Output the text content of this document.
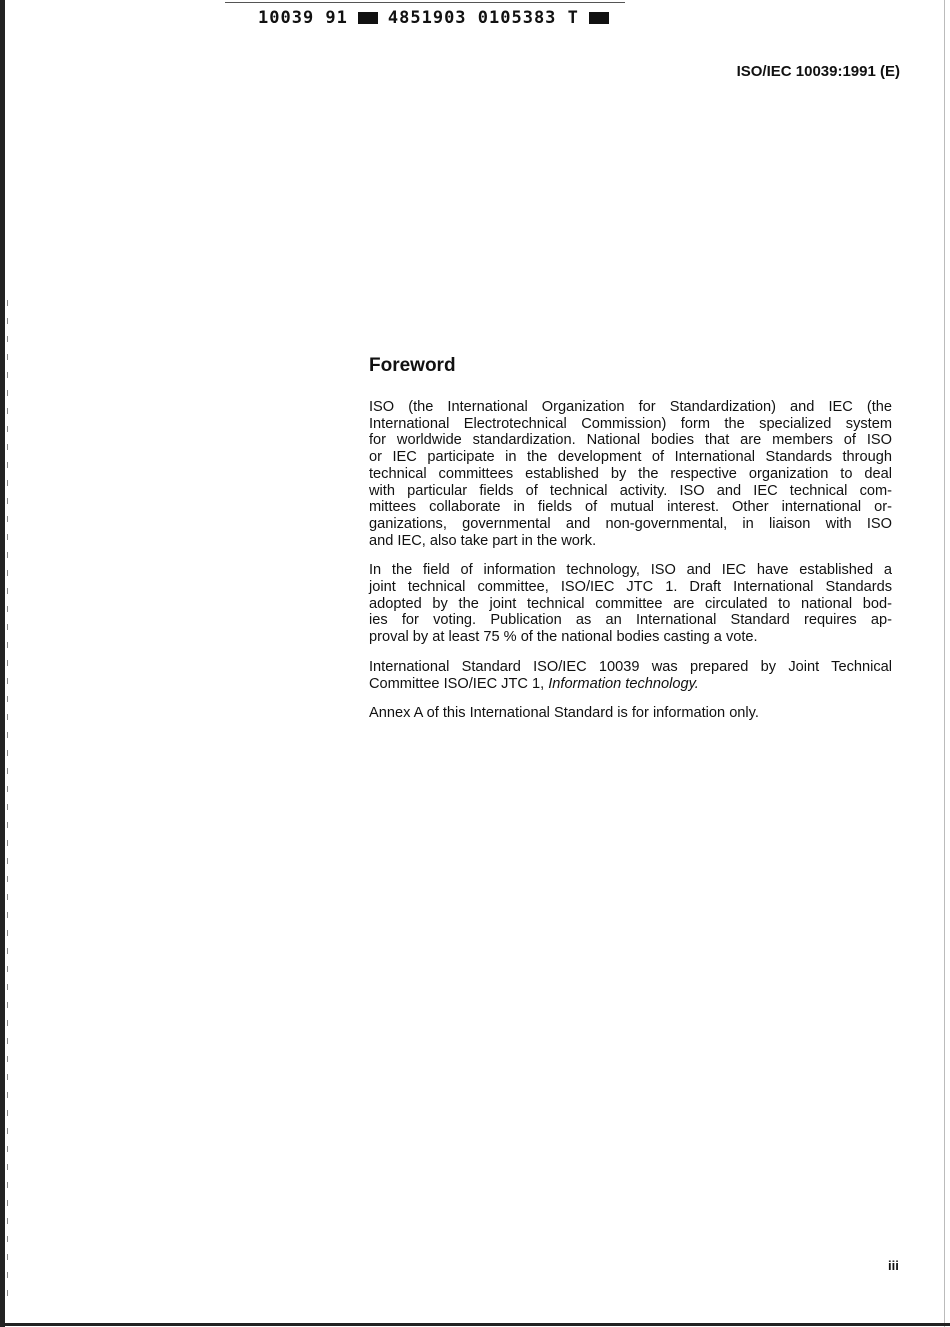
10039 91 4851903 0105383 T
ISO/IEC 10039:1991 (E)
Foreword
ISO (the International Organization for Standardization) and IEC (the
International Electrotechnical Commission) form the specialized system
for worldwide standardization. National bodies that are members of ISO
or IEC participate in the development of International Standards through
technical committees established by the respective organization to deal
with particular fields of technical activity. ISO and IEC technical com-
mittees collaborate in fields of mutual interest. Other international or-
ganizations, governmental and non-governmental, in liaison with ISO
and IEC, also take part in the work.
In the field of information technology, ISO and IEC have established a
joint technical committee, ISO/IEC JTC 1. Draft International Standards
adopted by the joint technical committee are circulated to national bod-
ies for voting. Publication as an International Standard requires ap-
proval by at least 75 % of the national bodies casting a vote.
International Standard ISO/IEC 10039 was prepared by Joint Technical
Committee ISO/IEC JTC 1, Information technology.
Annex A of this International Standard is for information only.
iii
